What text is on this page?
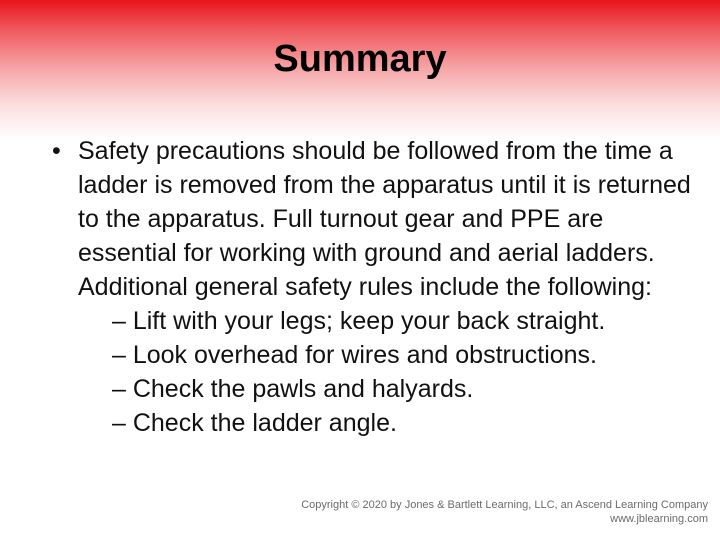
Summary
• Safety precautions should be followed from the time a ladder is removed from the apparatus until it is returned to the apparatus. Full turnout gear and PPE are essential for working with ground and aerial ladders. Additional general safety rules include the following:
– Lift with your legs; keep your back straight.
– Look overhead for wires and obstructions.
– Check the pawls and halyards.
– Check the ladder angle.
Copyright © 2020 by Jones & Bartlett Learning, LLC, an Ascend Learning Company
www.jblearning.com
